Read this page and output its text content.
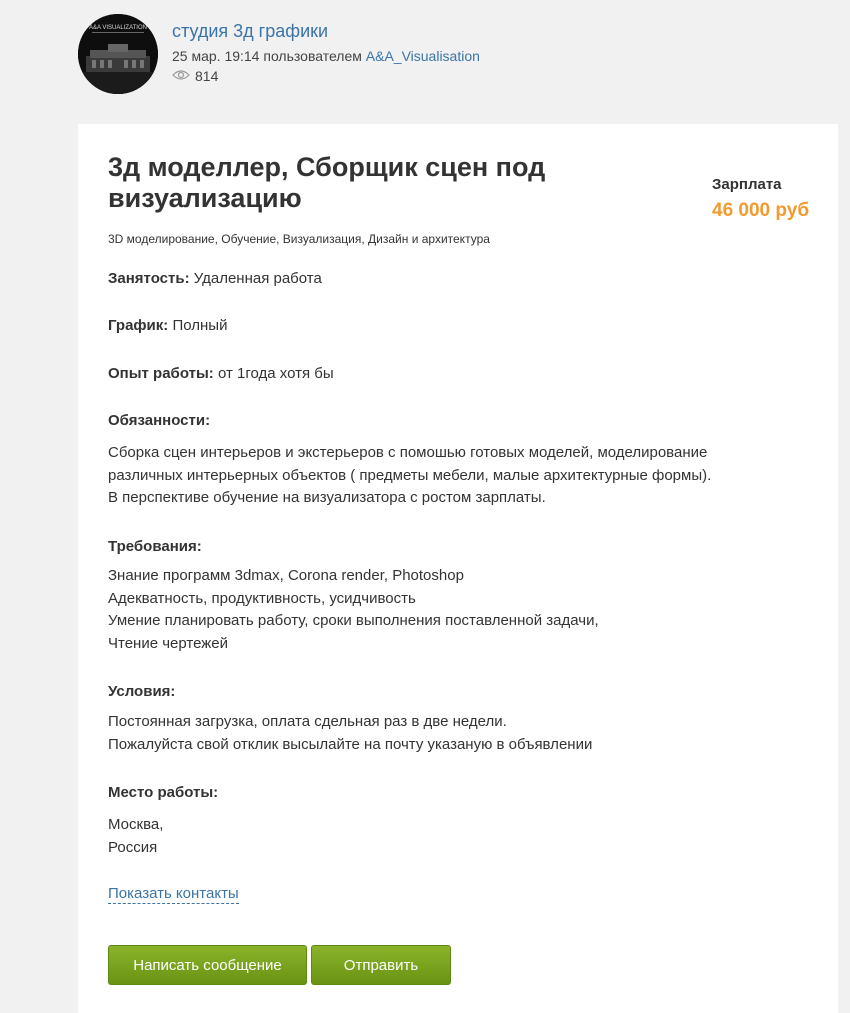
A&A VISUALIZATION студия 3д графики
25 мар. 19:14 пользователем A&A_Visualisation
814
3д моделлер, Сборщик сцен под визуализацию	Зарплата
46 000 руб
3D моделирование, Обучение, Визуализация, Дизайн и архитектура
Занятость: Удаленная работа
График: Полный
Опыт работы: от 1года хотя бы
Обязанности:
Сборка сцен интерьеров и экстерьеров с помошью готовых моделей, моделирование
различных интерьерных объектов ( предметы мебели, малые архитектурные формы).
В перспективе обучение на визуализатора с ростом зарплаты.
Требования:
Знание программ 3dmax, Corona render, Photoshop
Адекватность, продуктивность, усидчивость
Умение планировать работу, сроки выполнения поставленной задачи,
Чтение чертежей
Условия:
Постоянная загрузка, оплата сдельная раз в две недели.
Пожалуйста свой отклик высылайте на почту указаную в объявлении
Место работы:
Москва,
Россия
Показать контакты
Написать сообщение	Отправить
